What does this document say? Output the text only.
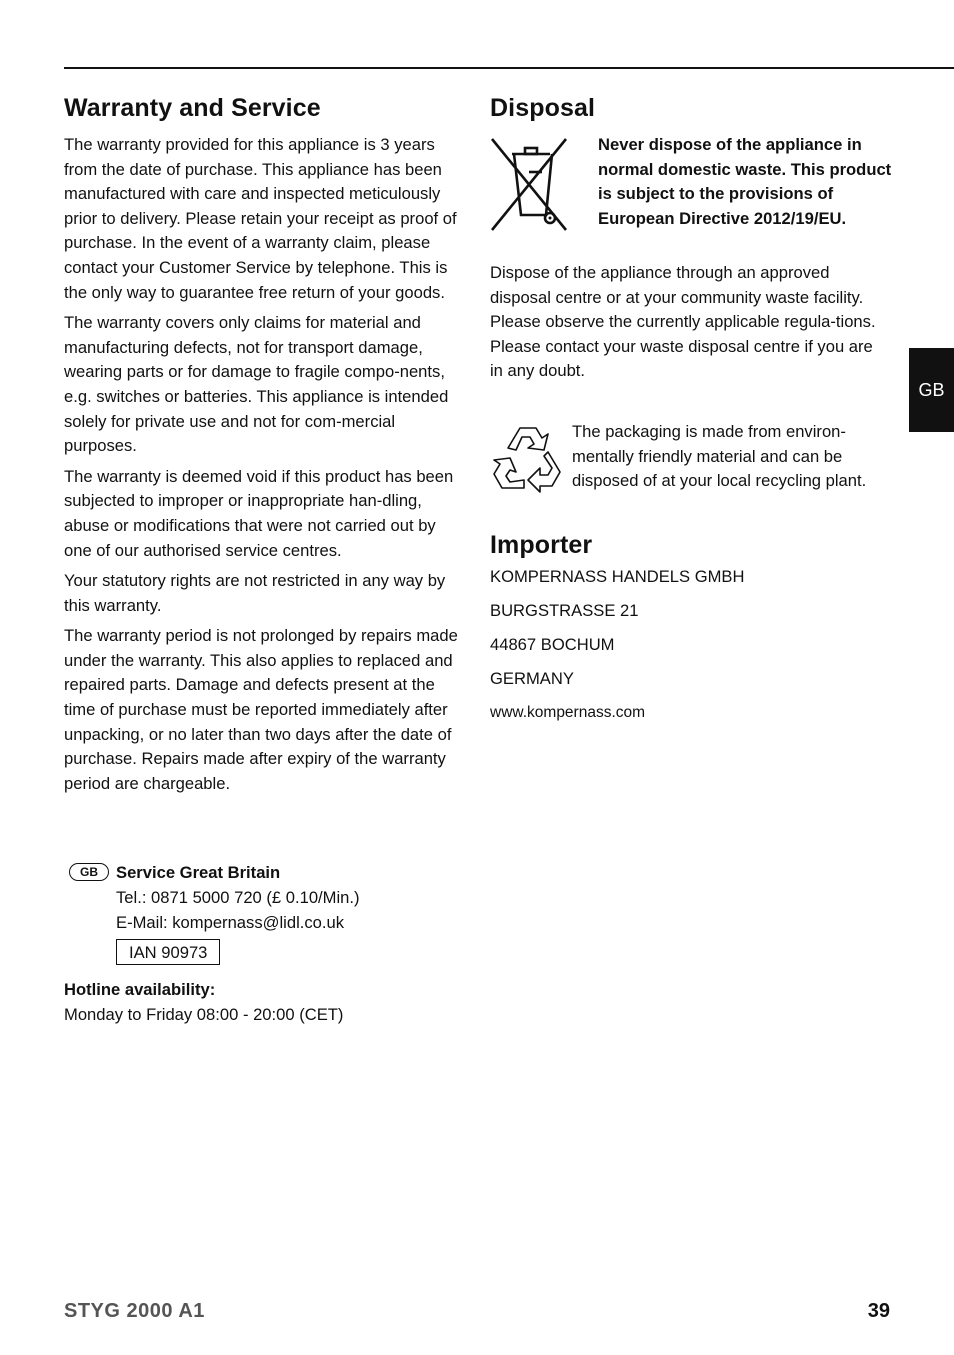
Warranty and Service

The warranty provided for this appliance is 3 years from the date of purchase. This appliance has been manufactured with care and inspected meticulously prior to delivery. Please retain your receipt as proof of purchase. In the event of a warranty claim, please contact your Customer Service by telephone. This is the only way to guarantee free return of your goods.

The warranty covers only claims for material and manufacturing defects, not for transport damage, wearing parts or for damage to fragile compo-nents, e.g. switches or batteries. This appliance is intended solely for private use and not for com-mercial purposes.

The warranty is deemed void if this product has been subjected to improper or inappropriate han-dling, abuse or modifications that were not carried out by one of our authorised service centres.

Your statutory rights are not restricted in any way by this warranty.

The warranty period is not prolonged by repairs made under the warranty. This also applies to replaced and repaired parts. Damage and defects present at the time of purchase must be reported immediately after unpacking, or no later than two days after the date of purchase. Repairs made after expiry of the warranty period are chargeable.

GB	Service Great Britain
Tel.: 0871 5000 720 (£ 0.10/Min.)
E-Mail: kompernass@lidl.co.uk
IAN 90973
Hotline availability:
Monday to Friday 08:00 - 20:00 (CET)
Disposal
Never dispose of the appliance in normal domestic waste. This product is subject to the provisions of European Directive 2012/19/EU.

Dispose of the appliance through an approved disposal centre or at your community waste facility. Please observe the currently applicable regula-tions. Please contact your waste disposal centre if you are in any doubt.

The packaging is made from environ-mentally friendly material and can be disposed of at your local recycling plant.
Importer

KOMPERNASS HANDELS GMBH

BURGSTRASSE 21

44867 BOCHUM

GERMANY

www.kompernass.com

GB
STYG 2000 A1	39
